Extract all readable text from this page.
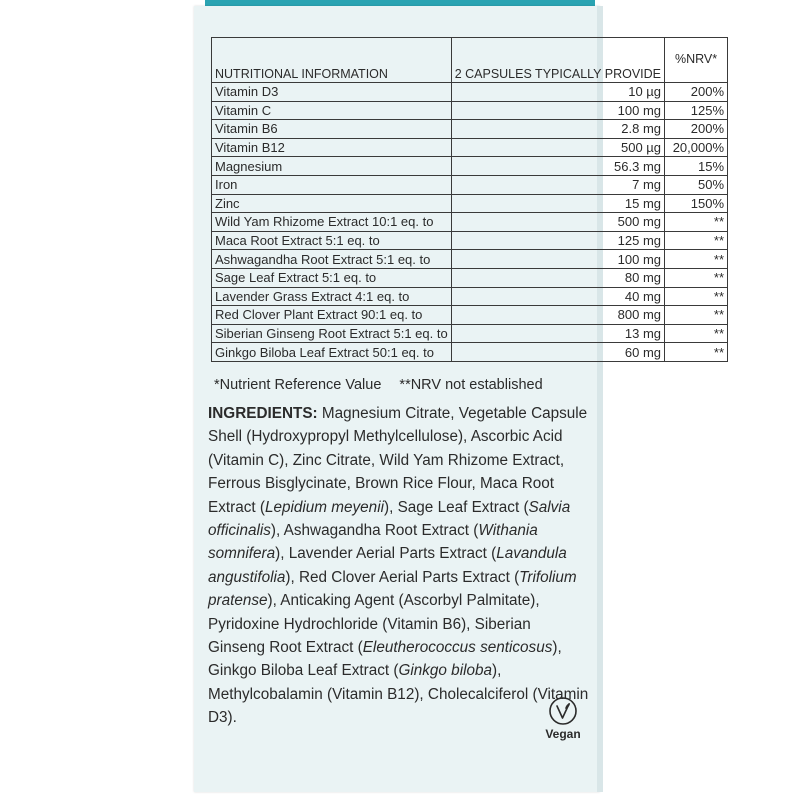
NUTRITIONAL INFORMATION	2 CAPSULES TYPICALLY PROVIDE	%NRV*
Vitamin D3	10 µg	200%
Vitamin C	100 mg	125%
Vitamin B6	2.8 mg	200%
Vitamin B12	500 µg	20,000%
Magnesium	56.3 mg	15%
Iron	7 mg	50%
Zinc	15 mg	150%
Wild Yam Rhizome Extract 10:1 eq. to	500 mg	**
Maca Root Extract 5:1 eq. to	125 mg	**
Ashwagandha Root Extract 5:1 eq. to	100 mg	**
Sage Leaf Extract 5:1 eq. to	80 mg	**
Lavender Grass Extract 4:1 eq. to	40 mg	**
Red Clover Plant Extract 90:1 eq. to	800 mg	**
Siberian Ginseng Root Extract 5:1 eq. to	13 mg	**
Ginkgo Biloba Leaf Extract 50:1 eq. to	60 mg	**
*Nutrient Reference Value **NRV not established
INGREDIENTS: Magnesium Citrate, Vegetable Capsule Shell (Hydroxypropyl Methylcellulose), Ascorbic Acid (Vitamin C), Zinc Citrate, Wild Yam Rhizome Extract, Ferrous Bisglycinate, Brown Rice Flour, Maca Root Extract (Lepidium meyenii), Sage Leaf Extract (Salvia officinalis), Ashwagandha Root Extract (Withania somnifera), Lavender Aerial Parts Extract (Lavandula angustifolia), Red Clover Aerial Parts Extract (Trifolium pratense), Anticaking Agent (Ascorbyl Palmitate), Pyridoxine Hydrochloride (Vitamin B6), Siberian Ginseng Root Extract (Eleutherococcus senticosus), Ginkgo Biloba Leaf Extract (Ginkgo biloba), Methylcobalamin (Vitamin B12), Cholecalciferol (Vitamin D3).
Vegan
